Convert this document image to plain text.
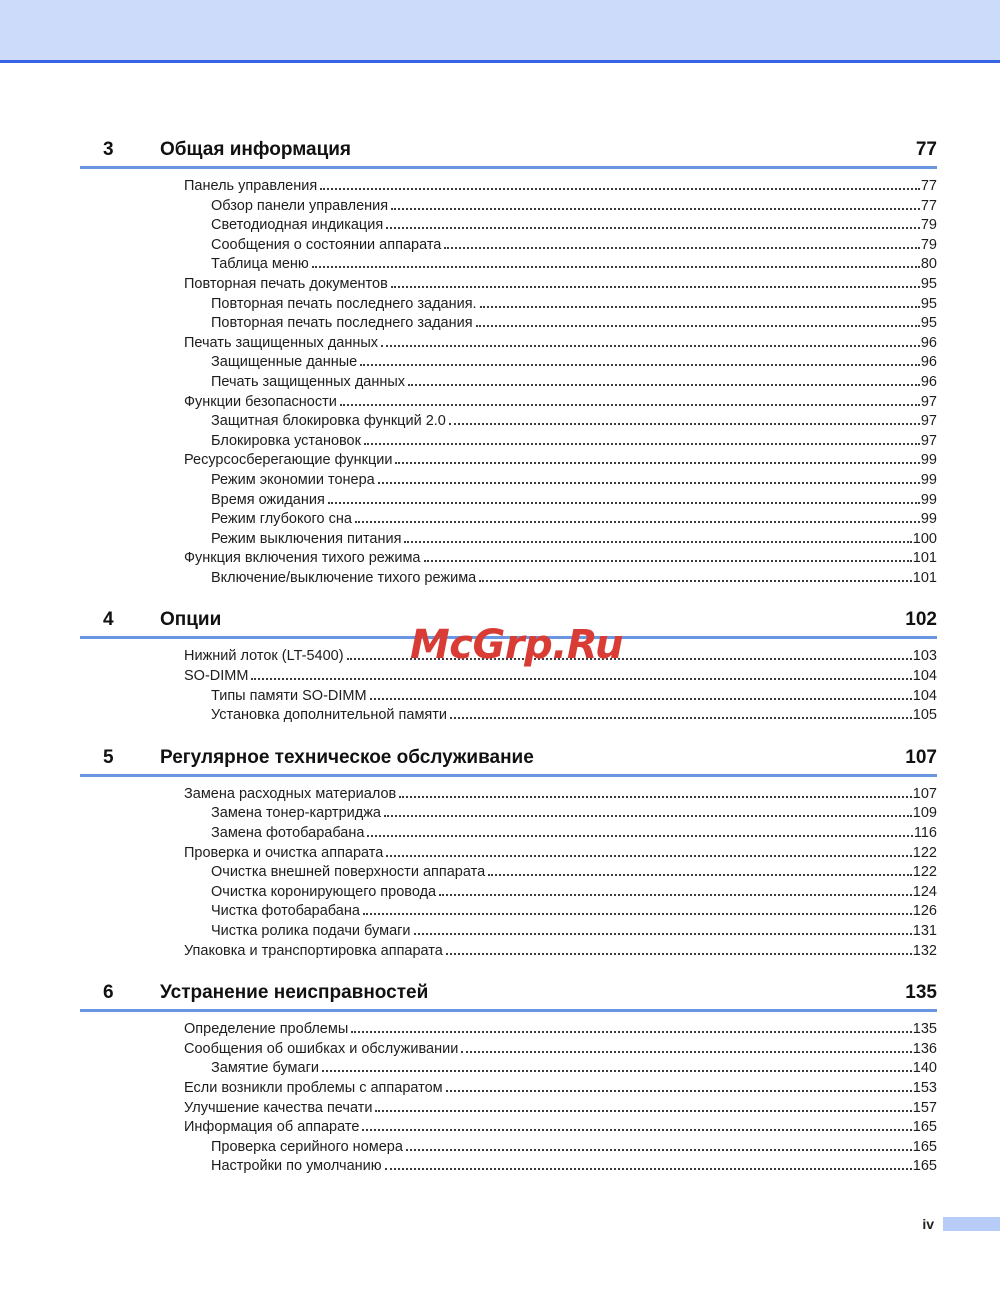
3	Общая информация	77
Панель управления	77
Обзор панели управления	77
Светодиодная индикация	79
Сообщения о состоянии аппарата	79
Таблица меню	80
Повторная печать документов	95
Повторная печать последнего задания.	95
Повторная печать последнего задания	95
Печать защищенных данных	96
Защищенные данные	96
Печать защищенных данных	96
Функции безопасности	97
Защитная блокировка функций 2.0	97
Блокировка установок	97
Ресурсосберегающие функции	99
Режим экономии тонера	99
Время ожидания	99
Режим глубокого сна	99
Режим выключения питания	100
Функция включения тихого режима	101
Включение/выключение тихого режима	101
4	Опции	102
Нижний лоток (LT-5400)	103
SO-DIMM	104
Типы памяти SO-DIMM	104
Установка дополнительной памяти	105
5	Регулярное техническое обслуживание	107
Замена расходных материалов	107
Замена тонер-картриджа	109
Замена фотобарабана	116
Проверка и очистка аппарата	122
Очистка внешней поверхности аппарата	122
Очистка коронирующего провода	124
Чистка фотобарабана	126
Чистка ролика подачи бумаги	131
Упаковка и транспортировка аппарата	132
6	Устранение неисправностей	135
Определение проблемы	135
Сообщения об ошибках и обслуживании	136
Замятие бумаги	140
Если возникли проблемы с аппаратом	153
Улучшение качества печати	157
Информация об аппарате	165
Проверка серийного номера	165
Настройки по умолчанию	165
McGrp.Ru
iv
